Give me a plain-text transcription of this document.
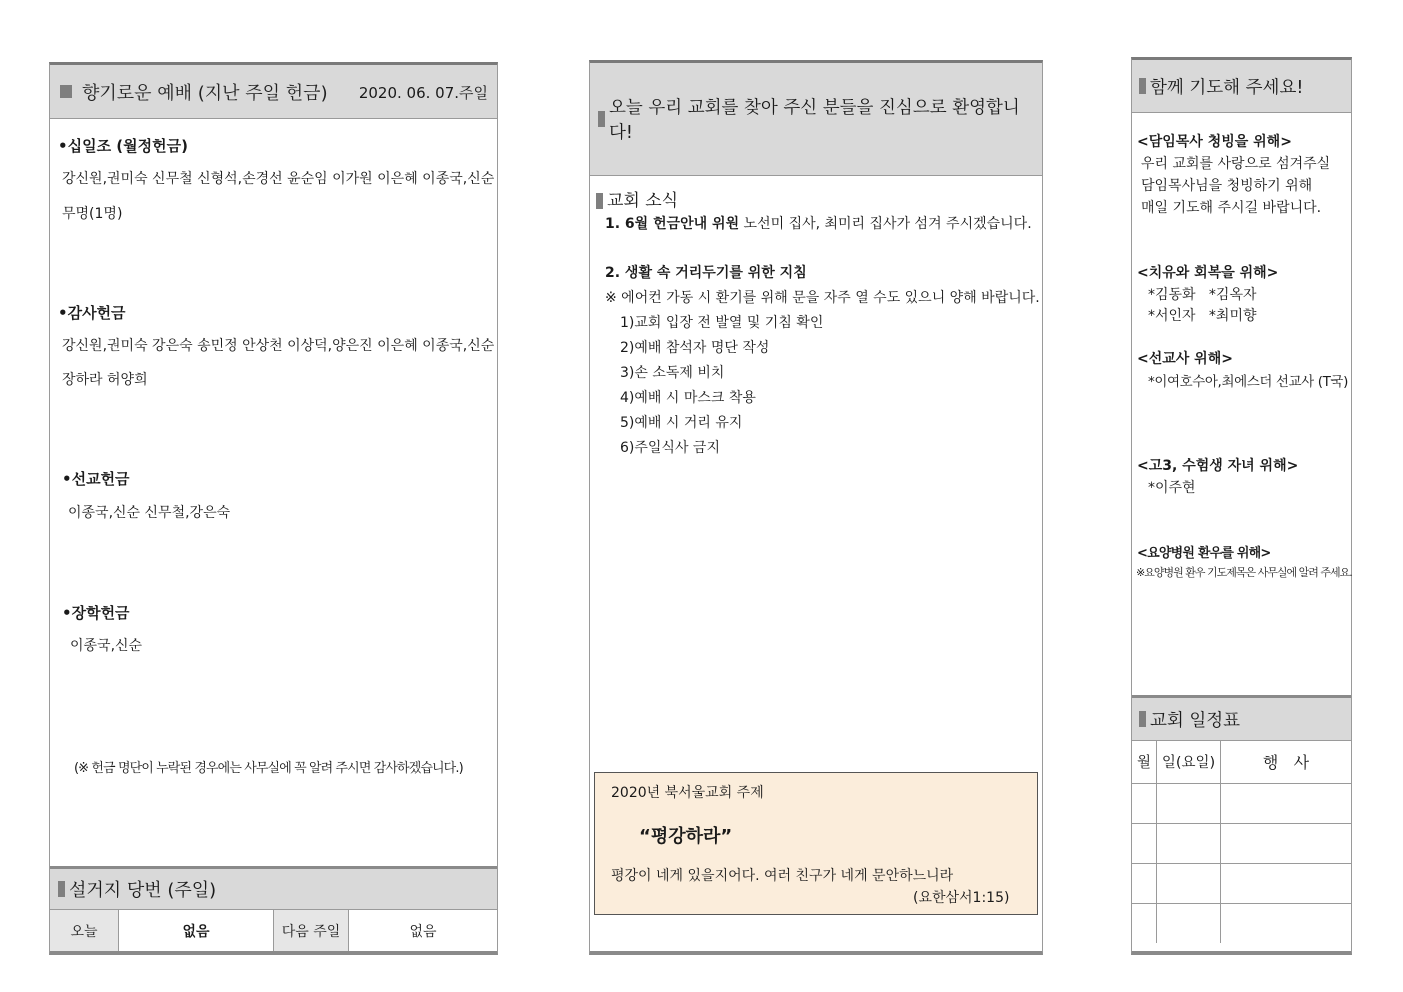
향기로운 예배 (지난 주일 헌금) 2020. 06. 07.주일
•십일조 (월정헌금)
강신원,권미숙 신무철 신형석,손경선 윤순임 이가원 이은혜 이종국,신순
무명(1명)
•감사헌금
강신원,권미숙 강은숙 송민정 안상천 이상덕,양은진 이은혜 이종국,신순
장하라 허양희
•선교헌금
이종국,신순 신무철,강은숙
•장학헌금
이종국,신순
(※ 헌금 명단이 누락된 경우에는 사무실에 꼭 알려 주시면 감사하겠습니다.)
설거지 당번 (주일)
오늘	없음	다음 주일	없음
오늘 우리 교회를 찾아 주신 분들을 진심으로 환영합니다!
교회 소식
1. 6월 헌금안내 위원 노선미 집사, 최미리 집사가 섬겨 주시겠습니다.
2. 생활 속 거리두기를 위한 지침
※ 에어컨 가동 시 환기를 위해 문을 자주 열 수도 있으니 양해 바랍니다.
1)교회 입장 전 발열 및 기침 확인
2)예배 참석자 명단 작성
3)손 소독제 비치
4)예배 시 마스크 착용
5)예배 시 거리 유지
6)주일식사 금지
2020년 북서울교회 주제
“평강하라”
평강이 네게 있을지어다. 여러 친구가 네게 문안하느니라
(요한삼서1:15)
함께 기도해 주세요!
<담임목사 청빙을 위해>
우리 교회를 사랑으로 섬겨주실
담임목사님을 청빙하기 위해
매일 기도해 주시길 바랍니다.
<치유와 회복을 위해>
*김동화   *김옥자
*서인자   *최미향
<선교사 위해>
*이여호수아,최에스더 선교사 (T국)
<고3, 수험생 자녀 위해>
*이주현
<요양병원 환우를 위해>
※요양병원 환우 기도제목은 사무실에 알려 주세요.
교회 일정표
월	일(요일)	행   사
